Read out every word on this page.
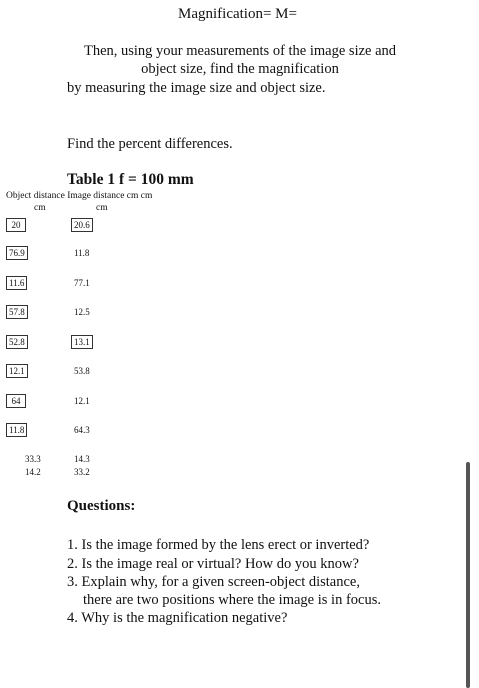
Magnification= M=
Then, using your measurements of the image size and
object size, find the magnification
by measuring the image size and object size.
Find the percent differences.
Table 1 f = 100 mm
Object distance Image distance cm cm
cm	cm
20
76.9
11.6
57.8
52.8
12.1
64
11.8
20.6
11.8
77.1
12.5
13.1
53.8
12.1
64.3
33.3
14.2
14.3
33.2
Questions:
1. Is the image formed by the lens erect or inverted?
2. Is the image real or virtual? How do you know?
3. Explain why, for a given screen-object distance,
there are two positions where the image is in focus.
4. Why is the magnification negative?
